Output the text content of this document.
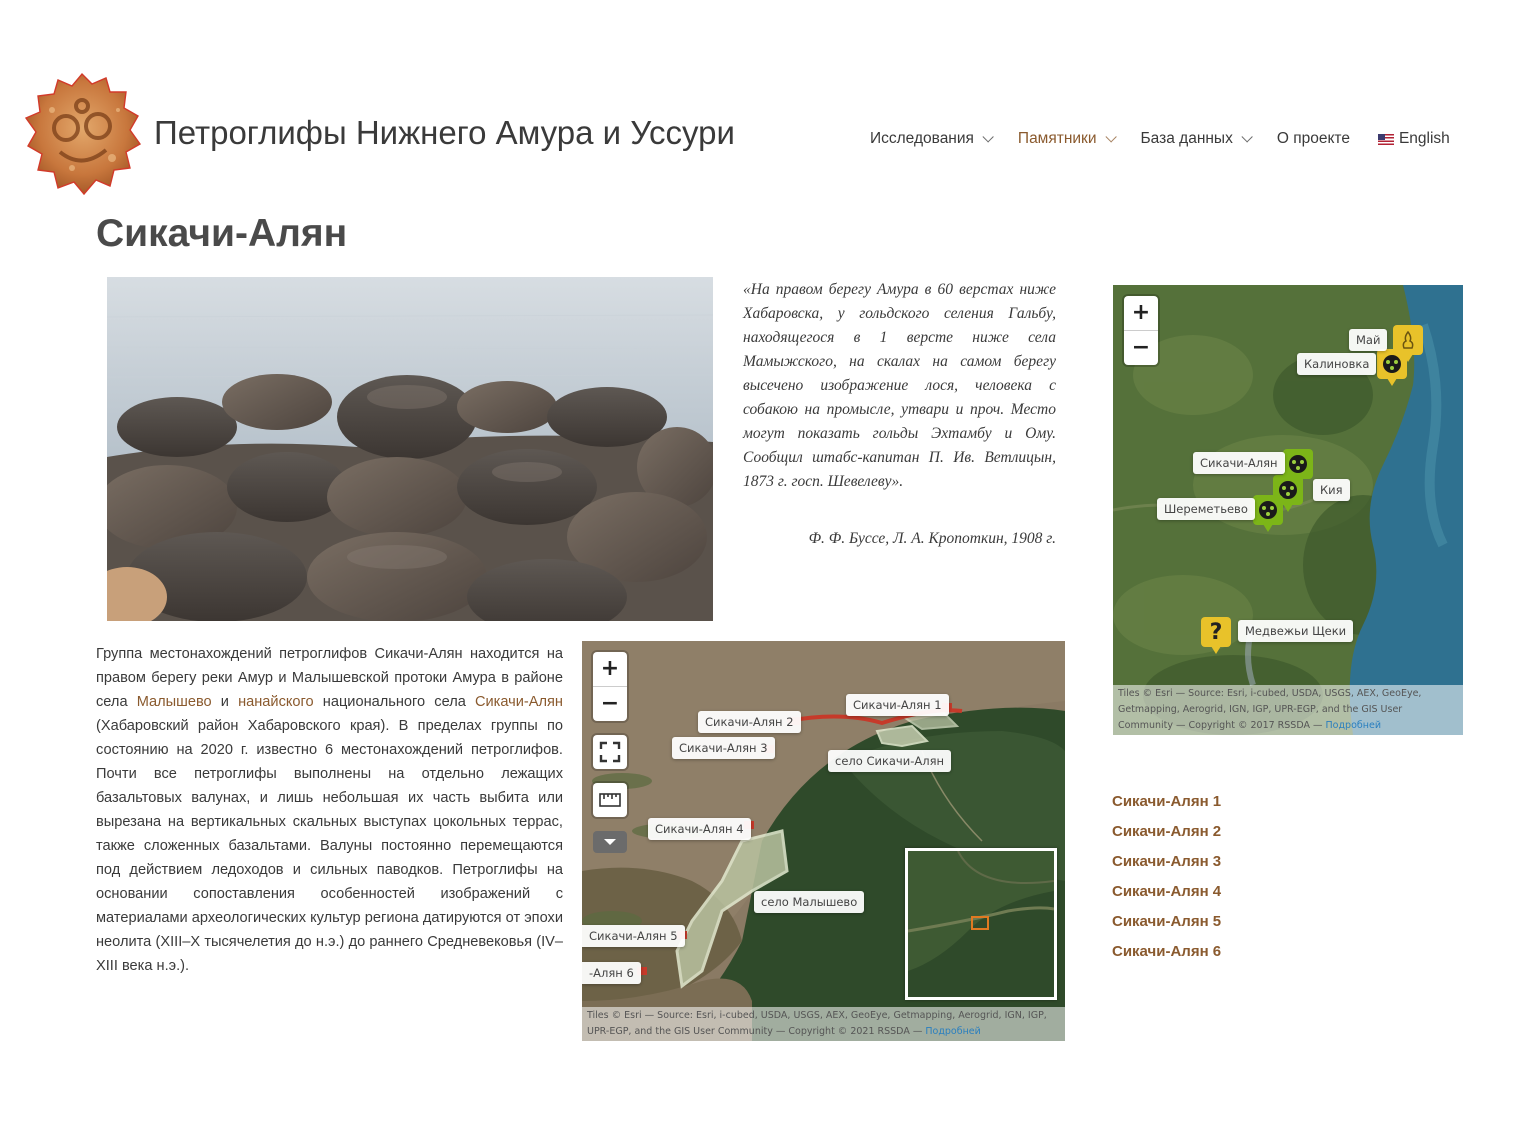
Петроглифы Нижнего Амура и Уссури	Исследования	Памятники	База данных	О проекте	English
Сикачи-Алян

«На правом берегу Амура в 60 верстах ниже Хабаровска, у гольдского селения Гальбу, находящегося в 1 версте ниже села Мамыжского, на скалах на самом берегу высечено изображение лося, человека с собакою на промысле, утвари и проч. Место могут показать гольды Эхтамбу и Ому. Сообщил штабс-капитан П. Ив. Ветлицын, 1873 г. госп. Шевелеву».

Ф. Ф. Буссе, Л. А. Кропоткин, 1908 г.

Группа местонахождений петроглифов Сикачи-Алян находится на правом берегу реки Амур и Малышевской протоки Амура в районе села Малышево и нанайского национального села Сикачи-Алян (Хабаровский район Хабаровского края). В пределах группы по состоянию на 2020 г. известно 6 местонахождений петроглифов. Почти все петроглифы выполнены на отдельно лежащих базальтовых валунах, и лишь небольшая их часть выбита или вырезана на вертикальных скальных выступах цокольных террас, также сложенных базальтами. Валуны постоянно перемещаются под действием ледоходов и сильных паводков. Петроглифы на основании сопоставления особенностей изображений с материалами археологических культур региона датируются от эпохи неолита (XIII–X тысячелетия до н.э.) до раннего Средневековья (IV–XIII века н.э.).

+
−	Сикачи-Алян 1
Сикачи-Алян 2
Сикачи-Алян 3
село Сикачи-Алян
Сикачи-Алян 4
село Малышево
Сикачи-Алян 5
-Алян 6
Tiles © Esri — Source: Esri, i-cubed, USDA, USGS, AEX, GeoEye, Getmapping, Aerogrid, IGN, IGP, UPR-EGP, and the GIS User Community — Copyright © 2021 RSSDA — Подробней
+
−
?
Май
Калиновка
Сикачи-Алян
Кия
Шереметьево
Медвежьи Щеки
Tiles © Esri — Source: Esri, i-cubed, USDA, USGS, AEX, GeoEye, Getmapping, Aerogrid, IGN, IGP, UPR-EGP, and the GIS User Community — Copyright © 2017 RSSDA — Подробней
Сикачи-Алян 1
Сикачи-Алян 2
Сикачи-Алян 3
Сикачи-Алян 4
Сикачи-Алян 5
Сикачи-Алян 6
